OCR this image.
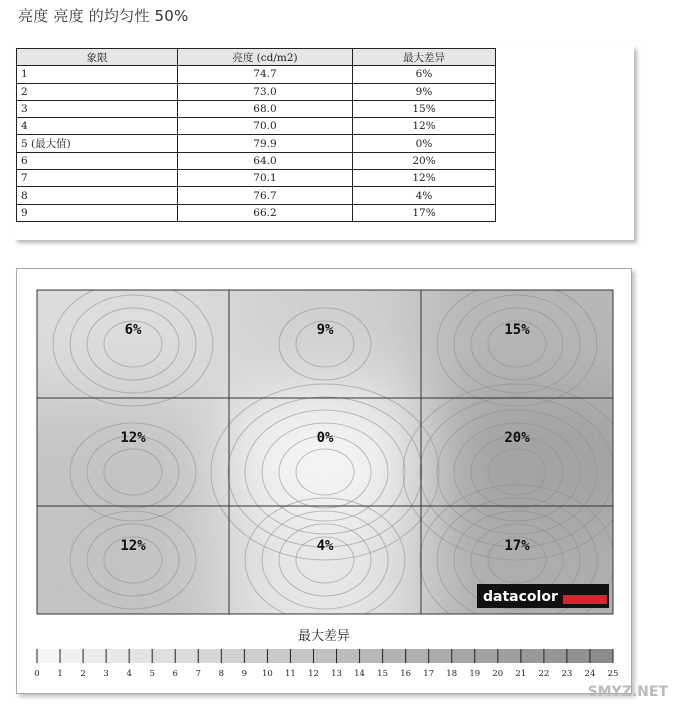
亮度 亮度 的均匀性 50%
象限	亮度 (cd/m2)	最大差异
1	74.7	6%
2	73.0	9%
3	68.0	15%
4	70.0	12%
5 (最大值)	79.9	0%
6	64.0	20%
7	70.1	12%
8	76.7	4%
9	66.2	17%
6%	9%	15%
12%	0%	20%
12%	4%	17%
datacolor
最大差异
0 1 2 3 4 5 6 7 8 9 10 11 12 13 14 15 16 17 18 19 20 21 22 23 24 25
SMYZ.NET
